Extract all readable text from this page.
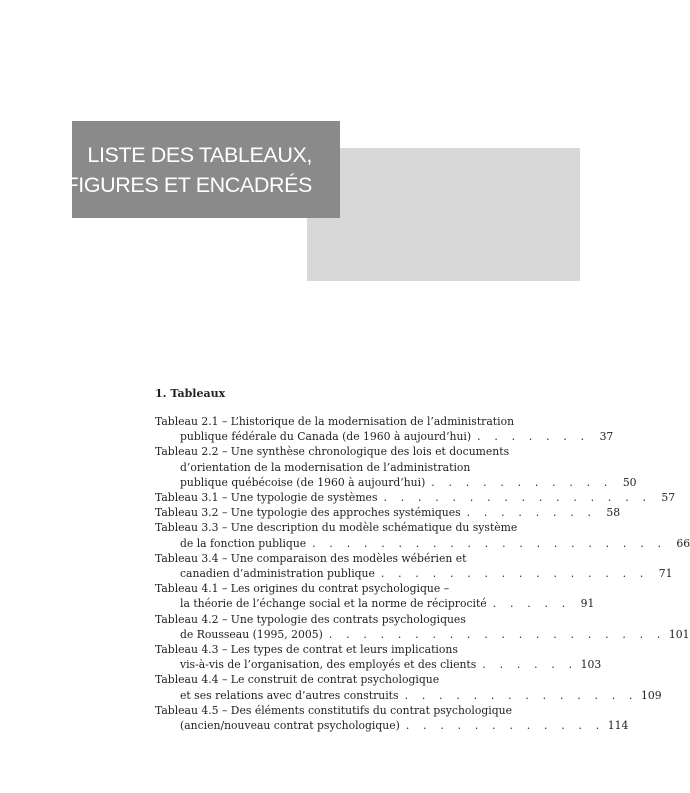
LISTE DES TABLEAUX,
FIGURES ET ENCADRÉS
1. Tableaux
Tableau 2.1 – L’historique de la modernisation de l’administration
publique fédérale du Canada (de 1960 à aujourd’hui) . . . . . . . 37
Tableau 2.2 – Une synthèse chronologique des lois et documents
d’orientation de la modernisation de l’administration
publique québécoise (de 1960 à aujourd’hui) . . . . . . . . . . . 50
Tableau 3.1 – Une typologie de systèmes . . . . . . . . . . . . . . . . 57
Tableau 3.2 – Une typologie des approches systémiques . . . . . . . . 58
Tableau 3.3 – Une description du modèle schématique du système
de la fonction publique . . . . . . . . . . . . . . . . . . . . . 66
Tableau 3.4 – Une comparaison des modèles wébérien et
canadien d’administration publique . . . . . . . . . . . . . . . . 71
Tableau 4.1 – Les origines du contrat psychologique –
la théorie de l’échange social et la norme de réciprocité . . . . . 91
Tableau 4.2 – Une typologie des contrats psychologiques
de Rousseau (1995, 2005) . . . . . . . . . . . . . . . . . . . . 101
Tableau 4.3 – Les types de contrat et leurs implications
vis-à-vis de l’organisation, des employés et des clients . . . . . . 103
Tableau 4.4 – Le construit de contrat psychologique
et ses relations avec d’autres construits . . . . . . . . . . . . . . 109
Tableau 4.5 – Des éléments constitutifs du contrat psychologique
(ancien/nouveau contrat psychologique) . . . . . . . . . . . . 114
